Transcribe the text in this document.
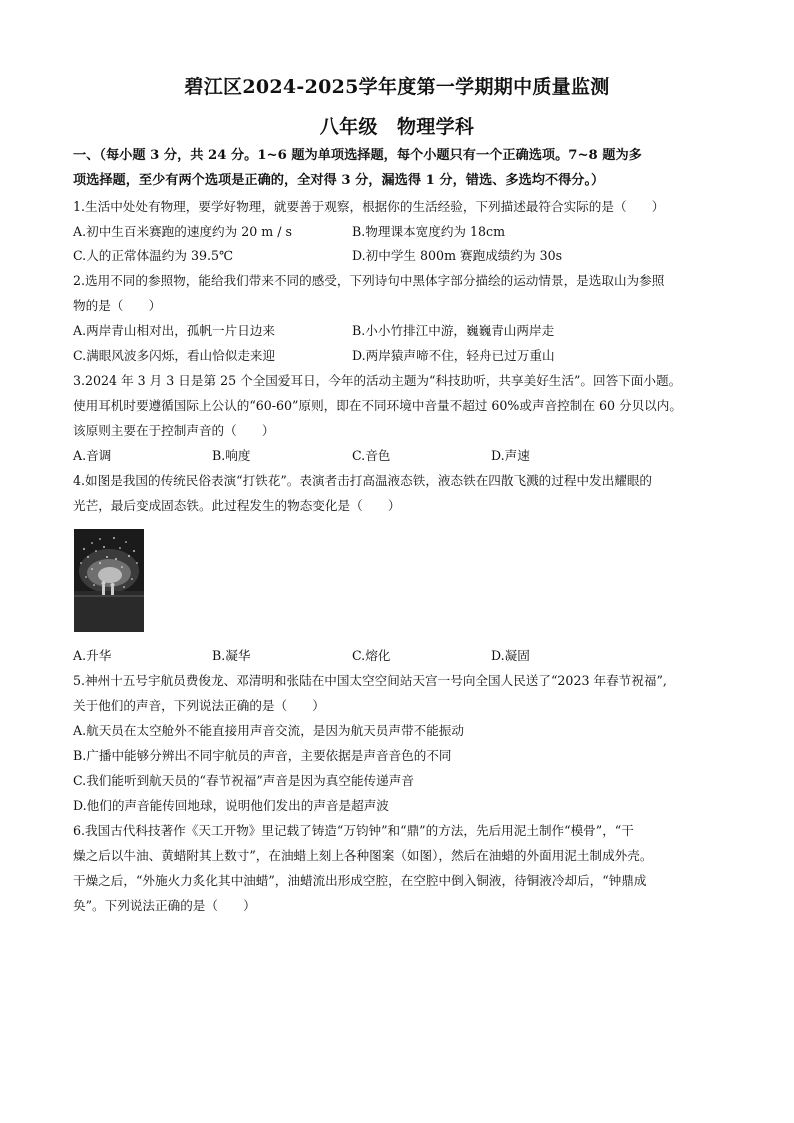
碧江区2024-2025学年度第一学期期中质量监测
八年级　物理学科
一、（每小题 3 分，共 24 分。1~6 题为单项选择题，每个小题只有一个正确选项。7~8 题为多
项选择题，至少有两个选项是正确的，全对得 3 分，漏选得 1 分，错选、多选均不得分。）
1.生活中处处有物理，要学好物理，就要善于观察，根据你的生活经验，下列描述最符合实际的是（　　）
A.初中生百米赛跑的速度约为 20 m / s	B.物理课本宽度约为 18cm
C.人的正常体温约为 39.5℃	D.初中学生 800m 赛跑成绩约为 30s
2.选用不同的参照物，能给我们带来不同的感受，下列诗句中黑体字部分描绘的运动情景，是选取山为参照
物的是（　　）
A.两岸青山相对出，孤帆一片日边来	B.小小竹排江中游，巍巍青山两岸走
C.满眼风波多闪烁，看山恰似走来迎	D.两岸猿声啼不住，轻舟已过万重山
3.2024 年 3 月 3 日是第 25 个全国爱耳日，今年的活动主题为“科技助听，共享美好生活”。回答下面小题。
使用耳机时要遵循国际上公认的“60-60”原则，即在不同环境中音量不超过 60%或声音控制在 60 分贝以内。
该原则主要在于控制声音的（　　）
A.音调	B.响度	C.音色	D.声速
4.如图是我国的传统民俗表演“打铁花”。表演者击打高温液态铁，液态铁在四散飞溅的过程中发出耀眼的
光芒，最后变成固态铁。此过程发生的物态变化是（　　）
A.升华	B.凝华	C.熔化	D.凝固
5.神州十五号宇航员费俊龙、邓清明和张陆在中国太空空间站天宫一号向全国人民送了“2023 年春节祝福”,
关于他们的声音，下列说法正确的是（　　）
A.航天员在太空舱外不能直接用声音交流，是因为航天员声带不能振动
B.广播中能够分辨出不同宇航员的声音，主要依据是声音音色的不同
C.我们能听到航天员的“春节祝福”声音是因为真空能传递声音
D.他们的声音能传回地球，说明他们发出的声音是超声波
6.我国古代科技著作《天工开物》里记载了铸造“万钧钟”和“鼎”的方法，先后用泥土制作“模骨”，“干
燥之后以牛油、黄蜡附其上数寸”，在油蜡上刻上各种图案（如图），然后在油蜡的外面用泥土制成外壳。
干燥之后，“外施火力炙化其中油蜡”，油蜡流出形成空腔，在空腔中倒入铜液，待铜液冷却后，“钟鼎成
奂”。下列说法正确的是（　　）
